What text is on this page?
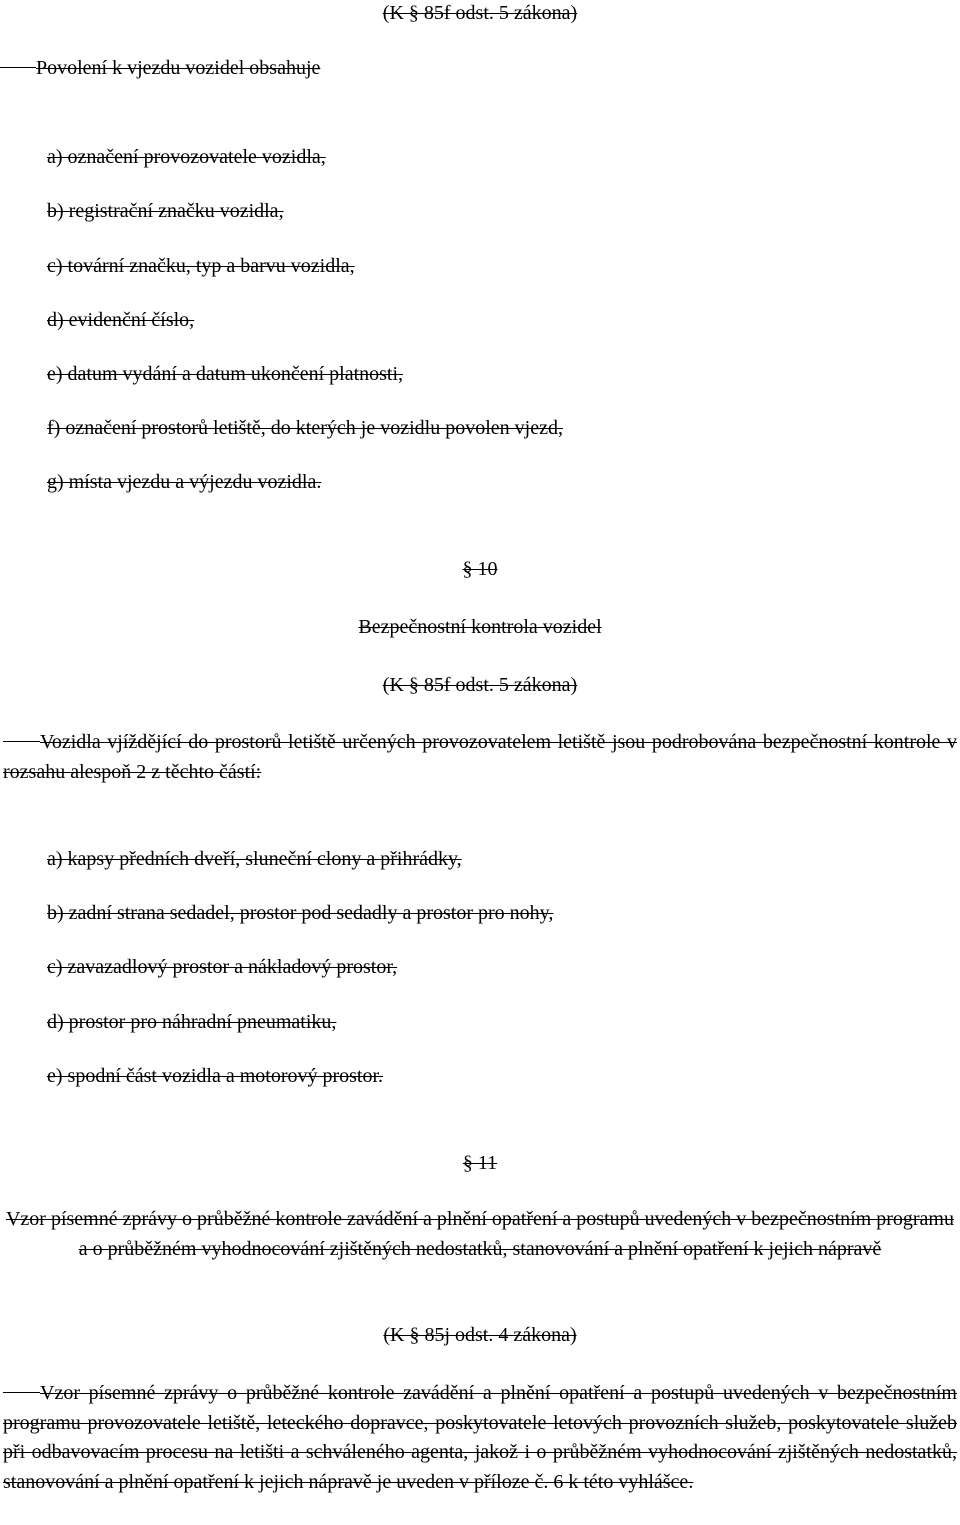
(K § 85f odst. 5 zákona)
Povolení k vjezdu vozidel obsahuje
a) označení provozovatele vozidla,
b) registrační značku vozidla,
c) tovární značku, typ a barvu vozidla,
d) evidenční číslo,
e) datum vydání a datum ukončení platnosti,
f) označení prostorů letiště, do kterých je vozidlu povolen vjezd,
g) místa vjezdu a výjezdu vozidla.
§ 10
Bezpečnostní kontrola vozidel
(K § 85f odst. 5 zákona)
Vozidla vjíždějící do prostorů letiště určených provozovatelem letiště jsou podrobována bezpečnostní kontrole v rozsahu alespoň 2 z těchto částí:
a) kapsy předních dveří, sluneční clony a přihrádky,
b) zadní strana sedadel, prostor pod sedadly a prostor pro nohy,
c) zavazadlový prostor a nákladový prostor,
d) prostor pro náhradní pneumatiku,
e) spodní část vozidla a motorový prostor.
§ 11
Vzor písemné zprávy o průběžné kontrole zavádění a plnění opatření a postupů uvedených v bezpečnostním programu a o průběžném vyhodnocování zjištěných nedostatků, stanovování a plnění opatření k jejich nápravě
(K § 85j odst. 4 zákona)
Vzor písemné zprávy o průběžné kontrole zavádění a plnění opatření a postupů uvedených v bezpečnostním programu provozovatele letiště, leteckého dopravce, poskytovatele letových provozních služeb, poskytovatele služeb při odbavovacím procesu na letišti a schváleného agenta, jakož i o průběžném vyhodnocování zjištěných nedostatků, stanovování a plnění opatření k jejich nápravě je uveden v příloze č. 6 k této vyhlášce.
